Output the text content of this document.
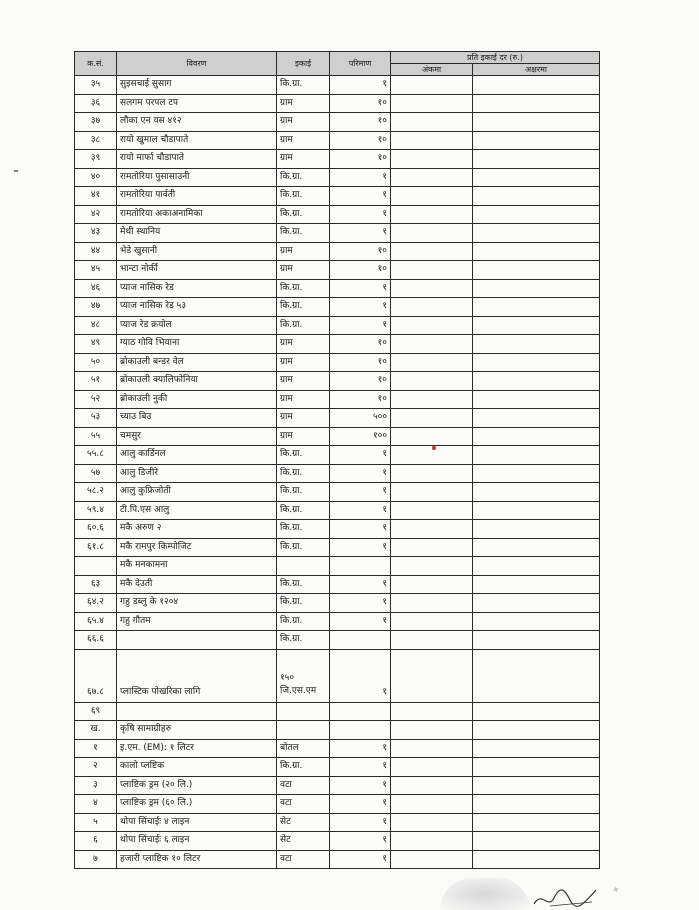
क.सं.	विवरण	इकाई	परिमाण	प्रति इकाई दर (रु.)	
				अंकमा	अक्षरमा
३५	सुइसचाई सुसाग	कि.ग्रा.	१		
३६	सलगम परपल टप	ग्राम	१०		
३७	लौका एन यस ४१२	ग्राम	१०		
३८	रायो खुमाल चौडापाते	ग्राम	१०		
३९	रायो मार्फा चौडापाते	ग्राम	१०		
४०	रामतोरिया पुसासाउनी	कि.ग्रा.	१		
४१	रामतोरिया पार्वती	कि.ग्रा.	१		
४२	रामतोरिया अकाअनामिका	कि.ग्रा.	१		
४३	मेथी स्थानिय	कि.ग्रा.	१		
४४	भेडे खुसानी	ग्राम	१०		
४५	भान्टा नोर्की	ग्राम	१०		
४६	प्याज नासिक रेड	कि.ग्रा.	१		
४७	प्याज नासिक रेड ५३	कि.ग्रा.	१		
४८	प्याज रेड क्रयोल	कि.ग्रा.	१		
४९	ग्याठ गोवि भियाना	ग्राम	१०		
५०	ब्रोकाउली बन्डर वेल	ग्राम	१०		
५१	ब्रोकाउली क्यालिफोनिया	ग्राम	१०		
५२	ब्रोकाउली नुकी	ग्राम	१०		
५३	च्याउ बिउ	ग्राम	५००		
५५	चमसुर	ग्राम	१००		
५५.८	आलु कार्डिनल	कि.ग्रा.	१		
५७	आलु डिजीरे	कि.ग्रा.	१		
५८.२	आलु कुफ्रिजोती	कि.ग्रा.	१		
५९.४	टी.पि.एस आलु	कि.ग्रा.	१		
६०.६	मकै अरुण २	कि.ग्रा.	१		
६१.८	मकै रामपुर किम्पोजिट	कि.ग्रा.	१		
	मकै मनकामना				
६३	मकै देउती	कि.ग्रा.	१		
६४.२	गहु डब्लु के १२०४	कि.ग्रा.	१		
६५.४	गहु गौतम	कि.ग्रा.	१		
६६.६		कि.ग्रा.			
६७.८	प्लास्टिक पोखरिका लागि	१५० जि.एस.एम	१		
६९					
ख.	कृषि सामाग्रीहरु				
१	इ.एम. (EM): १ लिटर	बोतल	१		
२	कालो प्लष्टिक	कि.ग्रा.	१		
३	प्लाष्टिक ड्रम (२० लि.)	वटा	१		
४	प्लाष्टिक ड्रम (६० लि.)	वटा	१		
५	थोपा सिंचाईः ४ लाइन	सेट	१		
६	थोपा सिंचाईः ६ लाइन	सेट	१		
७	हजारी प्लाष्टिक १० लिटर	वटा	१		
✦
